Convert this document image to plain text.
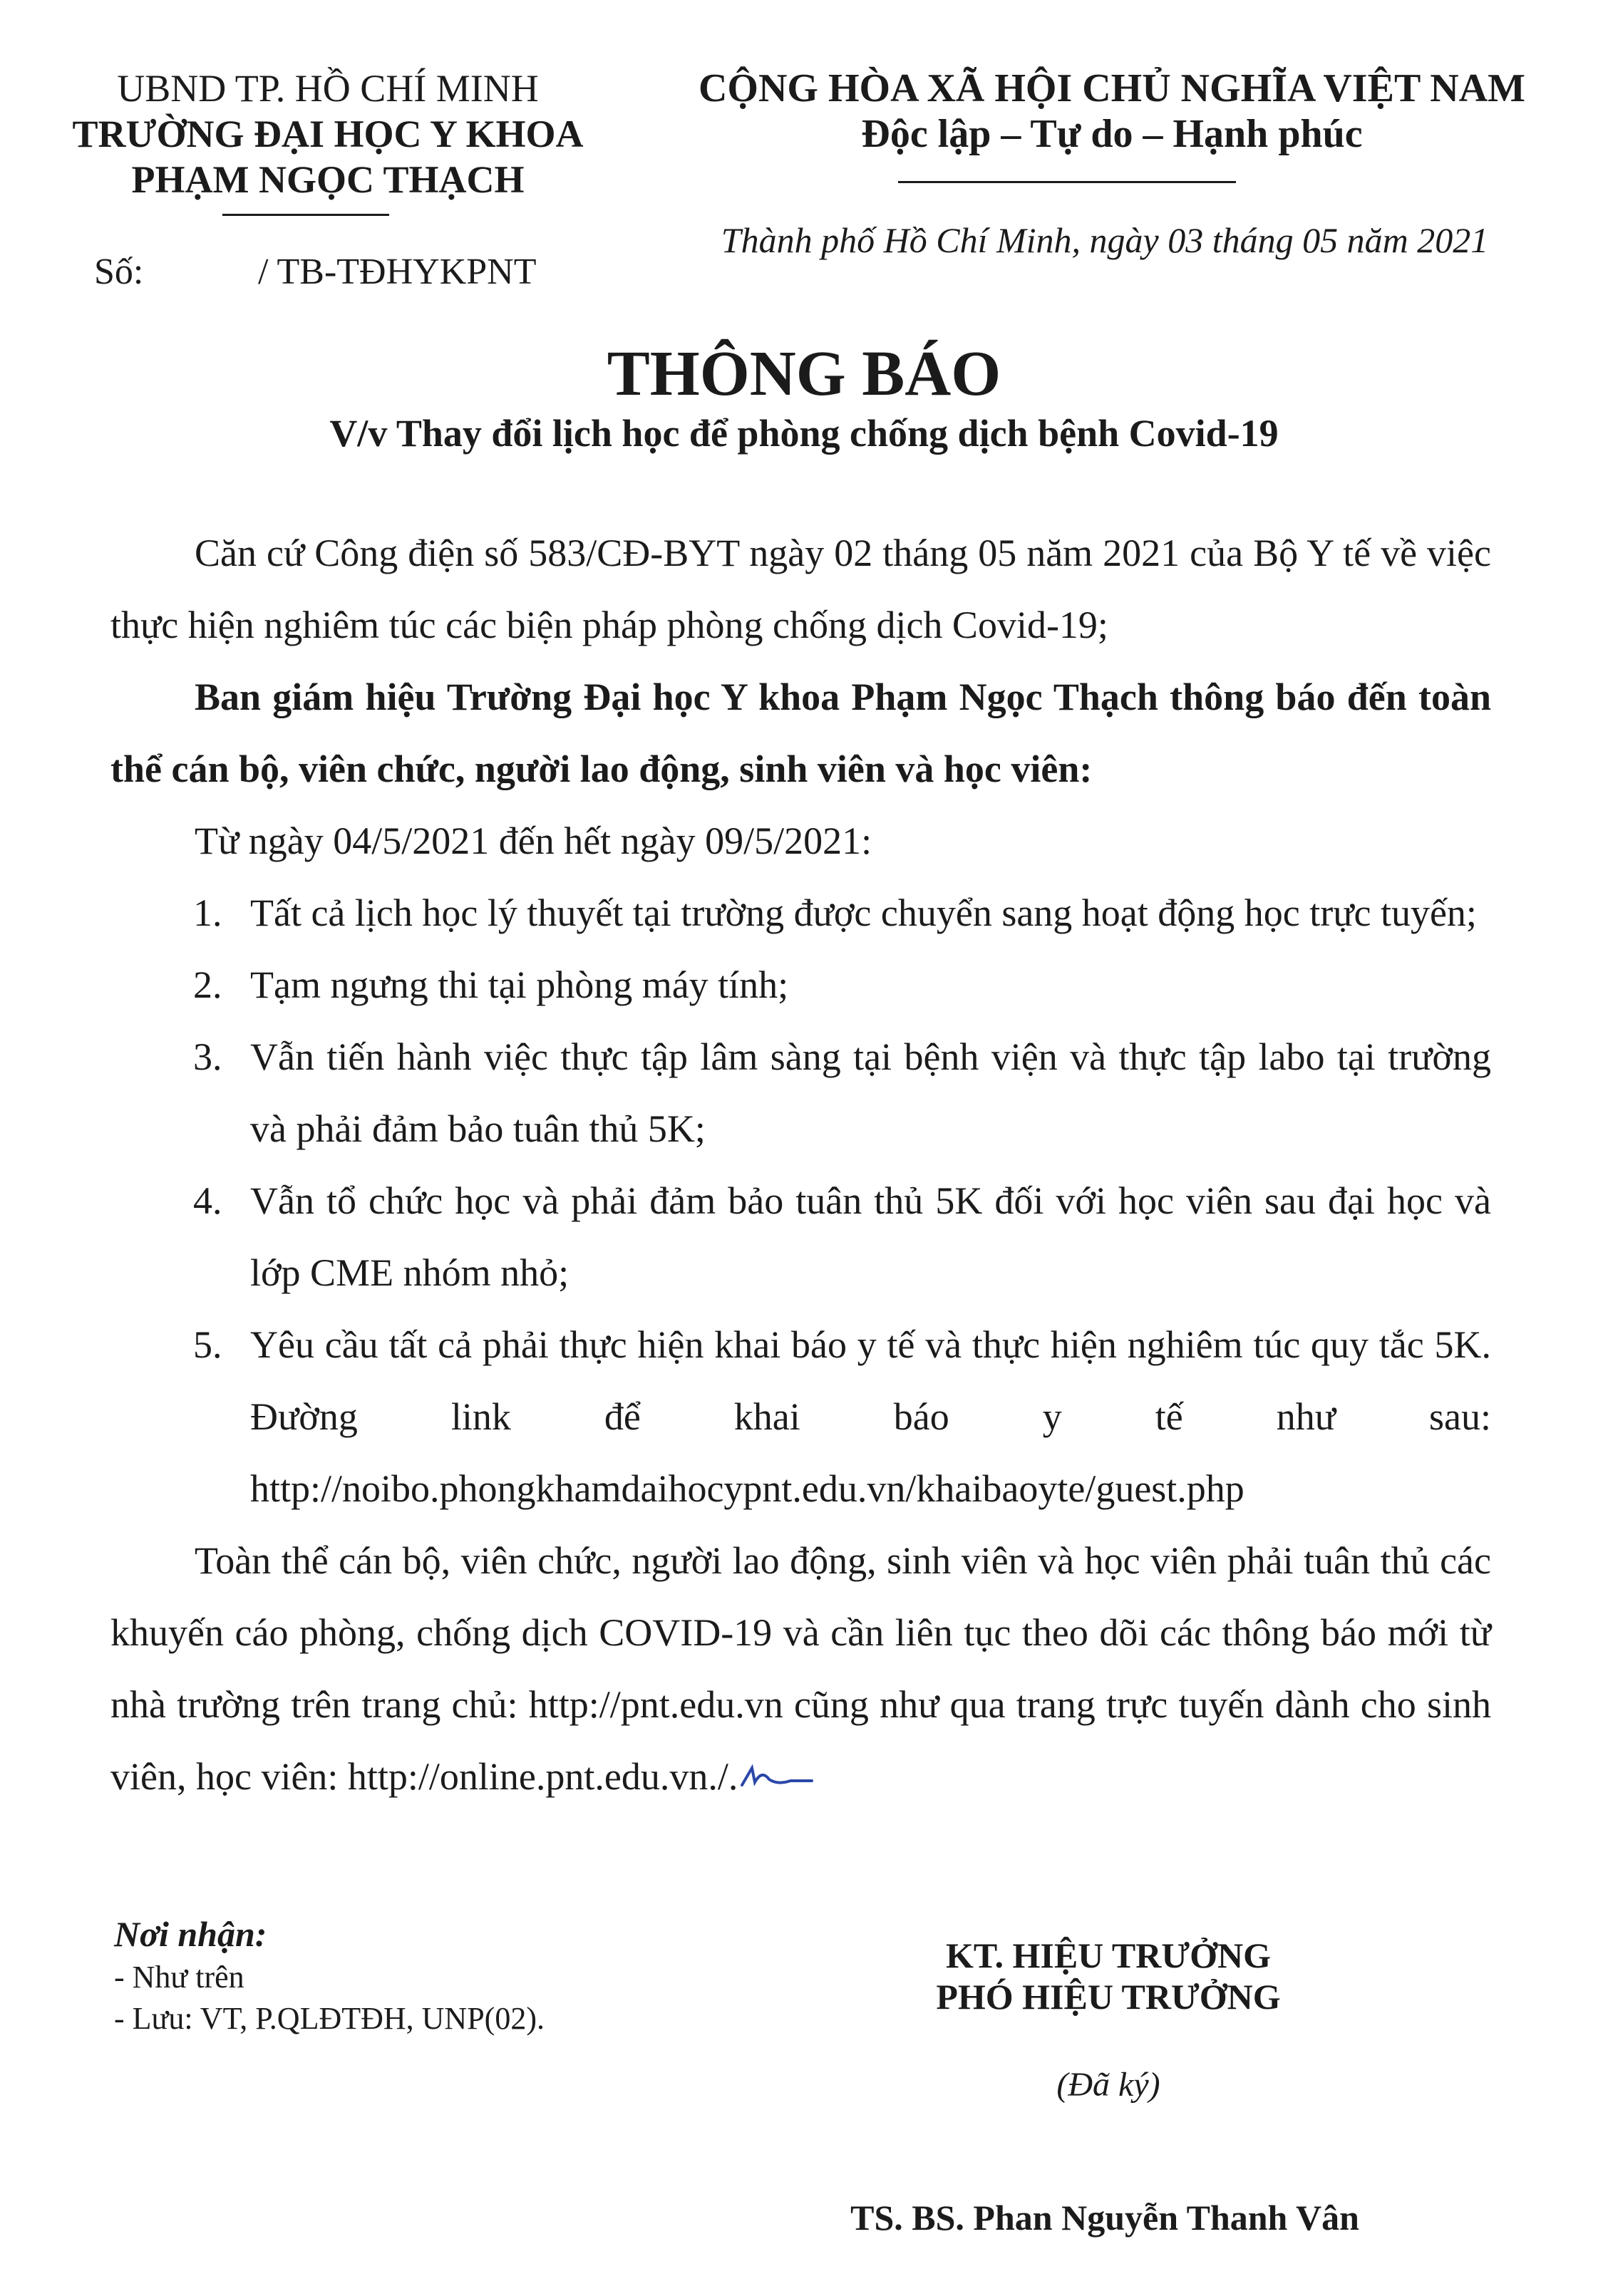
UBND TP. HỒ CHÍ MINH
TRƯỜNG ĐẠI HỌC Y KHOA
PHẠM NGỌC THẠCH
CỘNG HÒA XÃ HỘI CHỦ NGHĨA VIỆT NAM
Độc lập – Tự do – Hạnh phúc
Số:	/ TB-TĐHYKPNT
Thành phố Hồ Chí Minh, ngày 03 tháng 05 năm 2021
THÔNG BÁO
V/v Thay đổi lịch học để phòng chống dịch bệnh Covid-19

Căn cứ Công điện số 583/CĐ-BYT ngày 02 tháng 05 năm 2021 của Bộ Y tế về việc thực hiện nghiêm túc các biện pháp phòng chống dịch Covid-19;

Ban giám hiệu Trường Đại học Y khoa Phạm Ngọc Thạch thông báo đến toàn thể cán bộ, viên chức, người lao động, sinh viên và học viên:

Từ ngày 04/5/2021 đến hết ngày 09/5/2021:

1. Tất cả lịch học lý thuyết tại trường được chuyển sang hoạt động học trực tuyến;
2. Tạm ngưng thi tại phòng máy tính;
3. Vẫn tiến hành việc thực tập lâm sàng tại bệnh viện và thực tập labo tại trường và phải đảm bảo tuân thủ 5K;
4. Vẫn tổ chức học và phải đảm bảo tuân thủ 5K đối với học viên sau đại học và lớp CME nhóm nhỏ;
5. Yêu cầu tất cả phải thực hiện khai báo y tế và thực hiện nghiêm túc quy tắc 5K. Đường link để khai báo y tế như sau:
http://noibo.phongkhamdaihocypnt.edu.vn/khaibaoyte/guest.php

Toàn thể cán bộ, viên chức, người lao động, sinh viên và học viên phải tuân thủ các khuyến cáo phòng, chống dịch COVID-19 và cần liên tục theo dõi các thông báo mới từ nhà trường trên trang chủ: http://pnt.edu.vn cũng như qua trang trực tuyến dành cho sinh viên, học viên: http://online.pnt.edu.vn./.

Nơi nhận:
- Như trên
- Lưu: VT, P.QLĐTĐH, UNP(02).
KT. HIỆU TRƯỞNG
PHÓ HIỆU TRƯỞNG
(Đã ký)
TS. BS. Phan Nguyễn Thanh Vân
